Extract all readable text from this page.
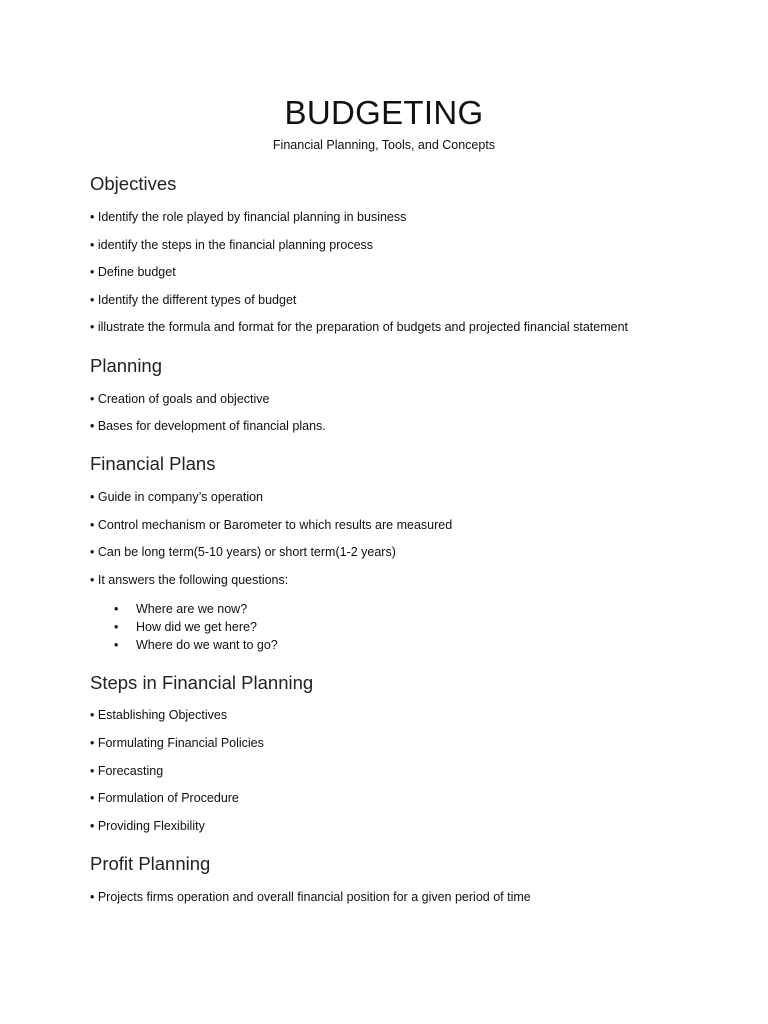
BUDGETING
Financial Planning, Tools, and Concepts
Objectives
• Identify the role played by financial planning in business
• identify the steps in the financial planning process
• Define budget
• Identify the different types of budget
• illustrate the formula and format for the preparation of budgets and projected financial statement
Planning
• Creation of goals and objective
• Bases for development of financial plans.
Financial Plans
• Guide in company’s operation
• Control mechanism or Barometer to which results are measured
• Can be long term(5-10 years) or short term(1-2 years)
• It answers the following questions:
• Where are we now?
• How did we get here?
• Where do we want to go?
Steps in Financial Planning
• Establishing Objectives
• Formulating Financial Policies
• Forecasting
• Formulation of Procedure
• Providing Flexibility
Profit Planning
• Projects firms operation and overall financial position for a given period of time
